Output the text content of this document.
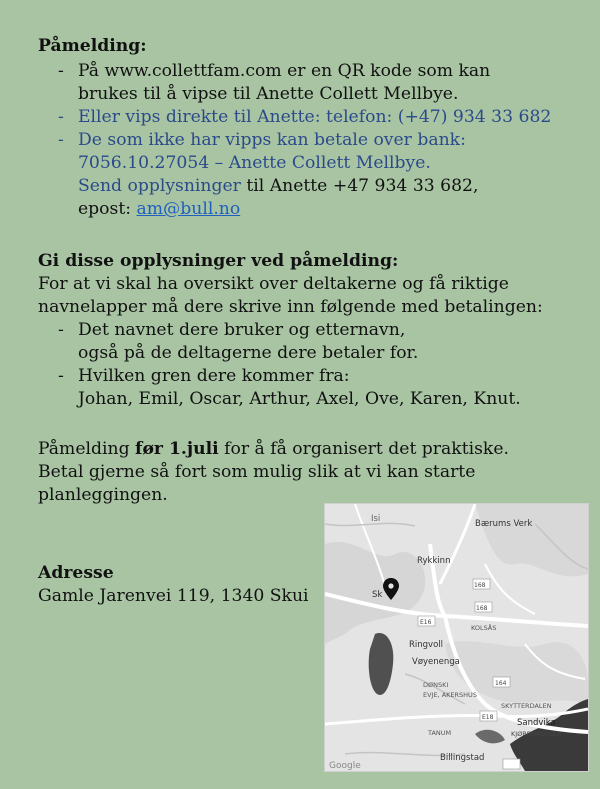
Påmelding:
- På www.collettfam.com er en QR kode som kan
brukes til å vipse til Anette Collett Mellbye.
- Eller vips direkte til Anette: telefon: (+47) 934 33 682
- De som ikke har vipps kan betale over bank:
7056.10.27054 – Anette Collett Mellbye.
Send opplysninger til Anette +47 934 33 682,
epost: am@bull.no
Gi disse opplysninger ved påmelding:
For at vi skal ha oversikt over deltakerne og få riktige
navnelapper må dere skrive inn følgende med betalingen:
- Det navnet dere bruker og etternavn,
også på de deltagerne dere betaler for.
- Hvilken gren dere kommer fra:
Johan, Emil, Oscar, Arthur, Axel, Ove, Karen, Knut.
Påmelding før 1.juli for å få organisert det praktiske.
Betal gjerne så fort som mulig slik at vi kan starte
planleggingen.
Adresse
Gamle Jarenvei 119, 1340 Skui
Isi	Bærums Verk
Rykkinn
Sk
168
168
KOLSÅS
E16
Ringvoll
Vøyenenga
164
DØNSKI
EVJE, AKERSHUS
SKYTTERDALEN
E18
Sandvika
KJØRBOKOLLEN
TANUM
Billingstad
Google
